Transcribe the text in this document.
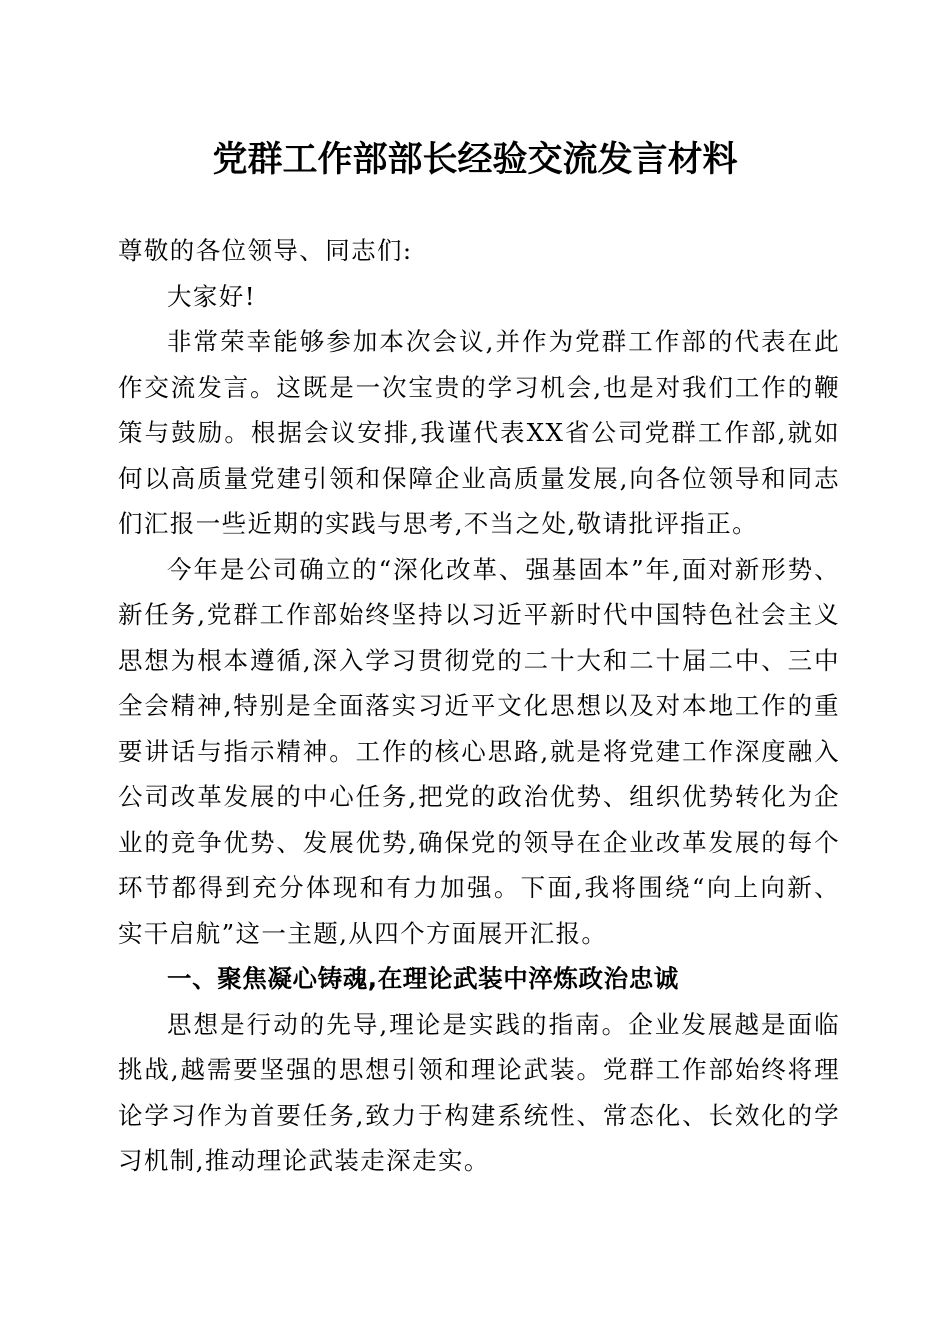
党群工作部部长经验交流发言材料

尊敬的各位领导、同志们:

大家好!

非常荣幸能够参加本次会议,并作为党群工作部的代表在此作交流发言。这既是一次宝贵的学习机会,也是对我们工作的鞭策与鼓励。根据会议安排,我谨代表XX省公司党群工作部,就如何以高质量党建引领和保障企业高质量发展,向各位领导和同志们汇报一些近期的实践与思考,不当之处,敬请批评指正。

今年是公司确立的“深化改革、强基固本”年,面对新形势、新任务,党群工作部始终坚持以习近平新时代中国特色社会主义思想为根本遵循,深入学习贯彻党的二十大和二十届二中、三中全会精神,特别是全面落实习近平文化思想以及对本地工作的重要讲话与指示精神。工作的核心思路,就是将党建工作深度融入公司改革发展的中心任务,把党的政治优势、组织优势转化为企业的竞争优势、发展优势,确保党的领导在企业改革发展的每个环节都得到充分体现和有力加强。下面,我将围绕“向上向新、实干启航”这一主题,从四个方面展开汇报。

一、聚焦凝心铸魂,在理论武装中淬炼政治忠诚

思想是行动的先导,理论是实践的指南。企业发展越是面临挑战,越需要坚强的思想引领和理论武装。党群工作部始终将理论学习作为首要任务,致力于构建系统性、常态化、长效化的学习机制,推动理论武装走深走实。
